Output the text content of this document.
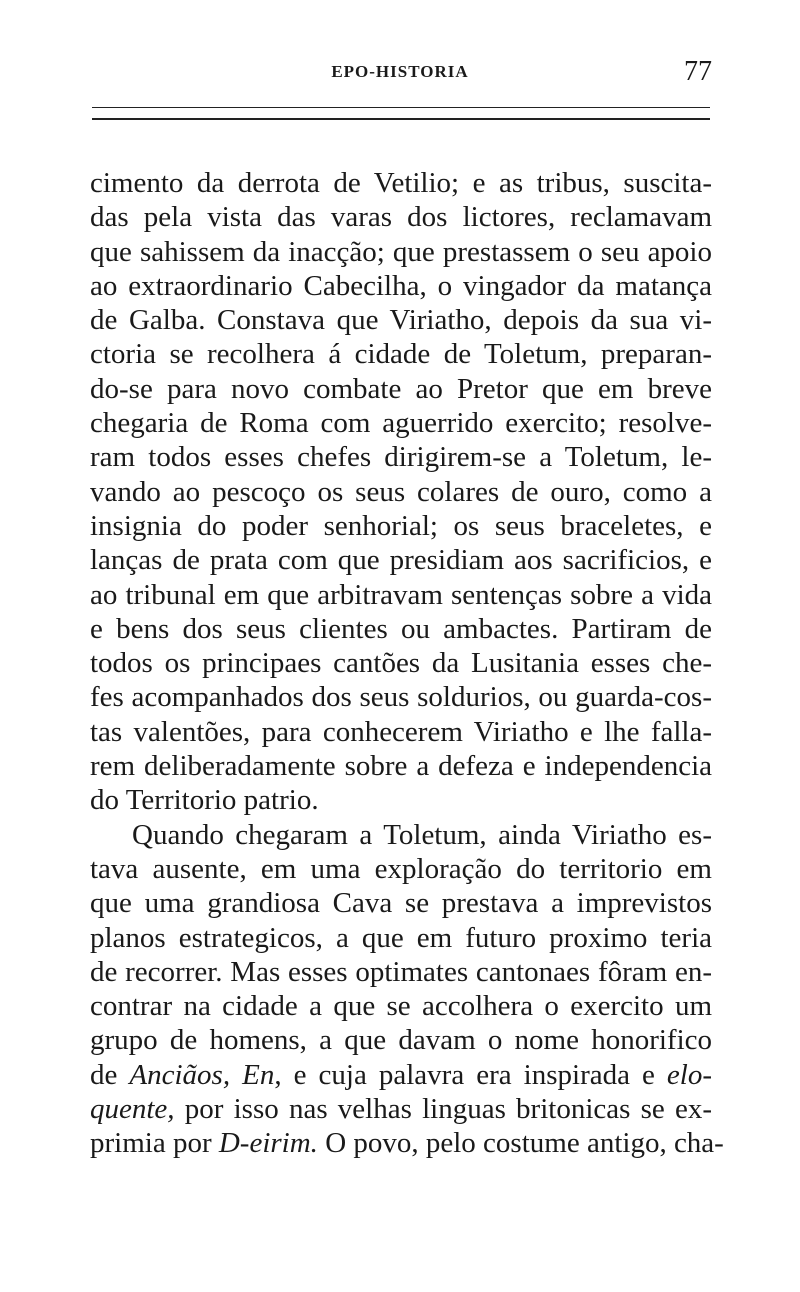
EPO-HISTORIA	77
cimento da derrota de Vetilio; e as tribus, suscita-
das pela vista das varas dos lictores, reclamavam
que sahissem da inacção; que prestassem o seu apoio
ao extraordinario Cabecilha, o vingador da matança
de Galba. Constava que Viriatho, depois da sua vi-
ctoria se recolhera á cidade de Toletum, preparan-
do-se para novo combate ao Pretor que em breve
chegaria de Roma com aguerrido exercito; resolve-
ram todos esses chefes dirigirem-se a Toletum, le-
vando ao pescoço os seus colares de ouro, como a
insignia do poder senhorial; os seus braceletes, e
lanças de prata com que presidiam aos sacrificios, e
ao tribunal em que arbitravam sentenças sobre a vida
e bens dos seus clientes ou ambactes. Partiram de
todos os principaes cantões da Lusitania esses che-
fes acompanhados dos seus soldurios, ou guarda-cos-
tas valentões, para conhecerem Viriatho e lhe falla-
rem deliberadamente sobre a defeza e independencia
do Territorio patrio.
Quando chegaram a Toletum, ainda Viriatho es-
tava ausente, em uma exploração do territorio em
que uma grandiosa Cava se prestava a imprevistos
planos estrategicos, a que em futuro proximo teria
de recorrer. Mas esses optimates cantonaes fôram en-
contrar na cidade a que se accolhera o exercito um
grupo de homens, a que davam o nome honorifico
de Anciãos, En, e cuja palavra era inspirada e elo-
quente, por isso nas velhas linguas britonicas se ex-
primia por D-eirim. O povo, pelo costume antigo, cha-
